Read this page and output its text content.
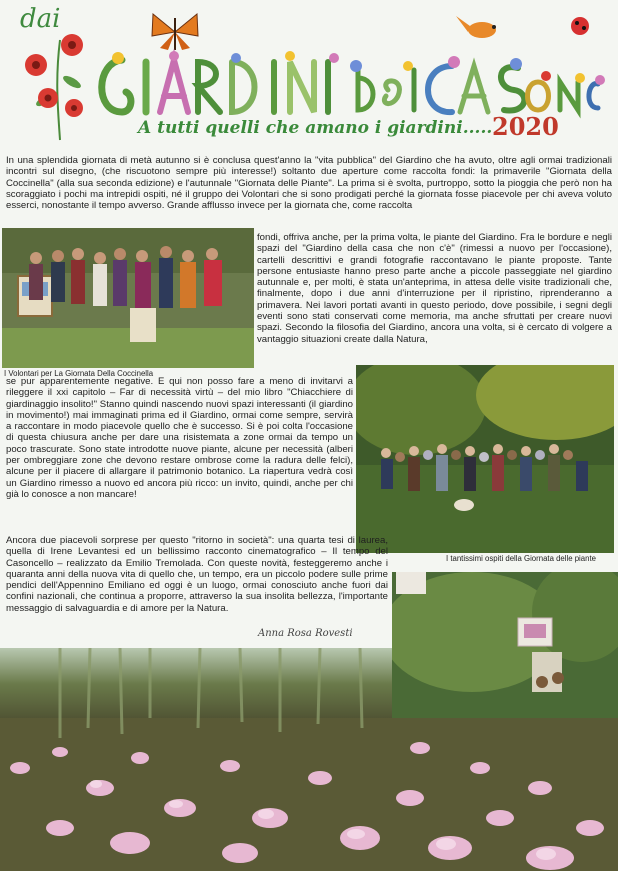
dai
A tutti quelli che amano i giardini..... 2020

In una splendida giornata di metà autunno si è conclusa quest'anno la "vita pubblica" del Giardino che ha avuto, oltre agli ormai tradizionali incontri sul disegno, (che riscuotono sempre più interesse!) soltanto due aperture come raccolta fondi: la primaverile "Giornata della Coccinella" (alla sua seconda edizione) e l'autunnale "Giornata delle Piante". La prima si è svolta, purtroppo, sotto la pioggia che però non ha scoraggiato i pochi ma intrepidi ospiti, né il gruppo dei Volontari che si sono prodigati perché la giornata fosse piacevole per chi aveva voluto esserci, nonostante il tempo avverso. Grande afflusso invece per la giornata che, come raccolta

I Volontari per La Giornata Della Coccinella

fondi, offriva anche, per la prima volta, le piante del Giardino. Fra le bordure e negli spazi del "Giardino della casa che non c'è" (rimessi a nuovo per l'occasione), cartelli descrittivi e grandi fotografie raccontavano le piante proposte. Tante persone entusiaste hanno preso parte anche a piccole passeggiate nel giardino autunnale e, per molti, è stata un'anteprima, in attesa delle visite tradizionali che, finalmente, dopo i due anni d'interruzione per il ripristino, riprenderanno a primavera. Nei lavori portati avanti in questo periodo, dove possibile, i segni degli eventi sono stati conservati come memoria, ma anche sfruttati per creare nuovi spazi. Secondo la filosofia del Giardino, ancora una volta, si è cercato di volgere a vantaggio situazioni create dalla Natura,

se pur apparentemente negative. E qui non posso fare a meno di invitarvi a rileggere il xxi capitolo – Far di necessità virtù – del mio libro "Chiacchiere di giardinaggio insolito!" Stanno quindi nascendo nuovi spazi interessanti (il giardino in movimento!) mai immaginati prima ed il Giardino, ormai come sempre, servirà a raccontare in modo piacevole quello che è successo. Si è poi colta l'occasione di questa chiusura anche per dare una risistemata a zone ormai da tempo un poco trascurate. Sono state introdotte nuove piante, alcune per necessità (alberi per ombreggiare zone che devono restare ombrose come la radura delle felci), alcune per il piacere di allargare il patrimonio botanico. La riapertura vedrà così un Giardino rimesso a nuovo ed ancora più ricco: un invito, quindi, anche per chi già lo conosce a non mancare!

I tantissimi ospiti della Giornata delle piante

Ancora due piacevoli sorprese per questo "ritorno in società": una quarta tesi di laurea, quella di Irene Levantesi ed un bellissimo racconto cinematografico – Il tempo del Casoncello – realizzato da Emilio Tremolada. Con queste novità, festeggeremo anche i quaranta anni della nuova vita di quello che, un tempo, era un piccolo podere sulle prime pendici dell'Appennino Emiliano ed oggi è un luogo, ormai conosciuto anche fuori dai confini nazionali, che continua a proporre, attraverso la sua insolita bellezza, l'importante messaggio di salvaguardia e di amore per la Natura.

Anna Rosa Rovesti
